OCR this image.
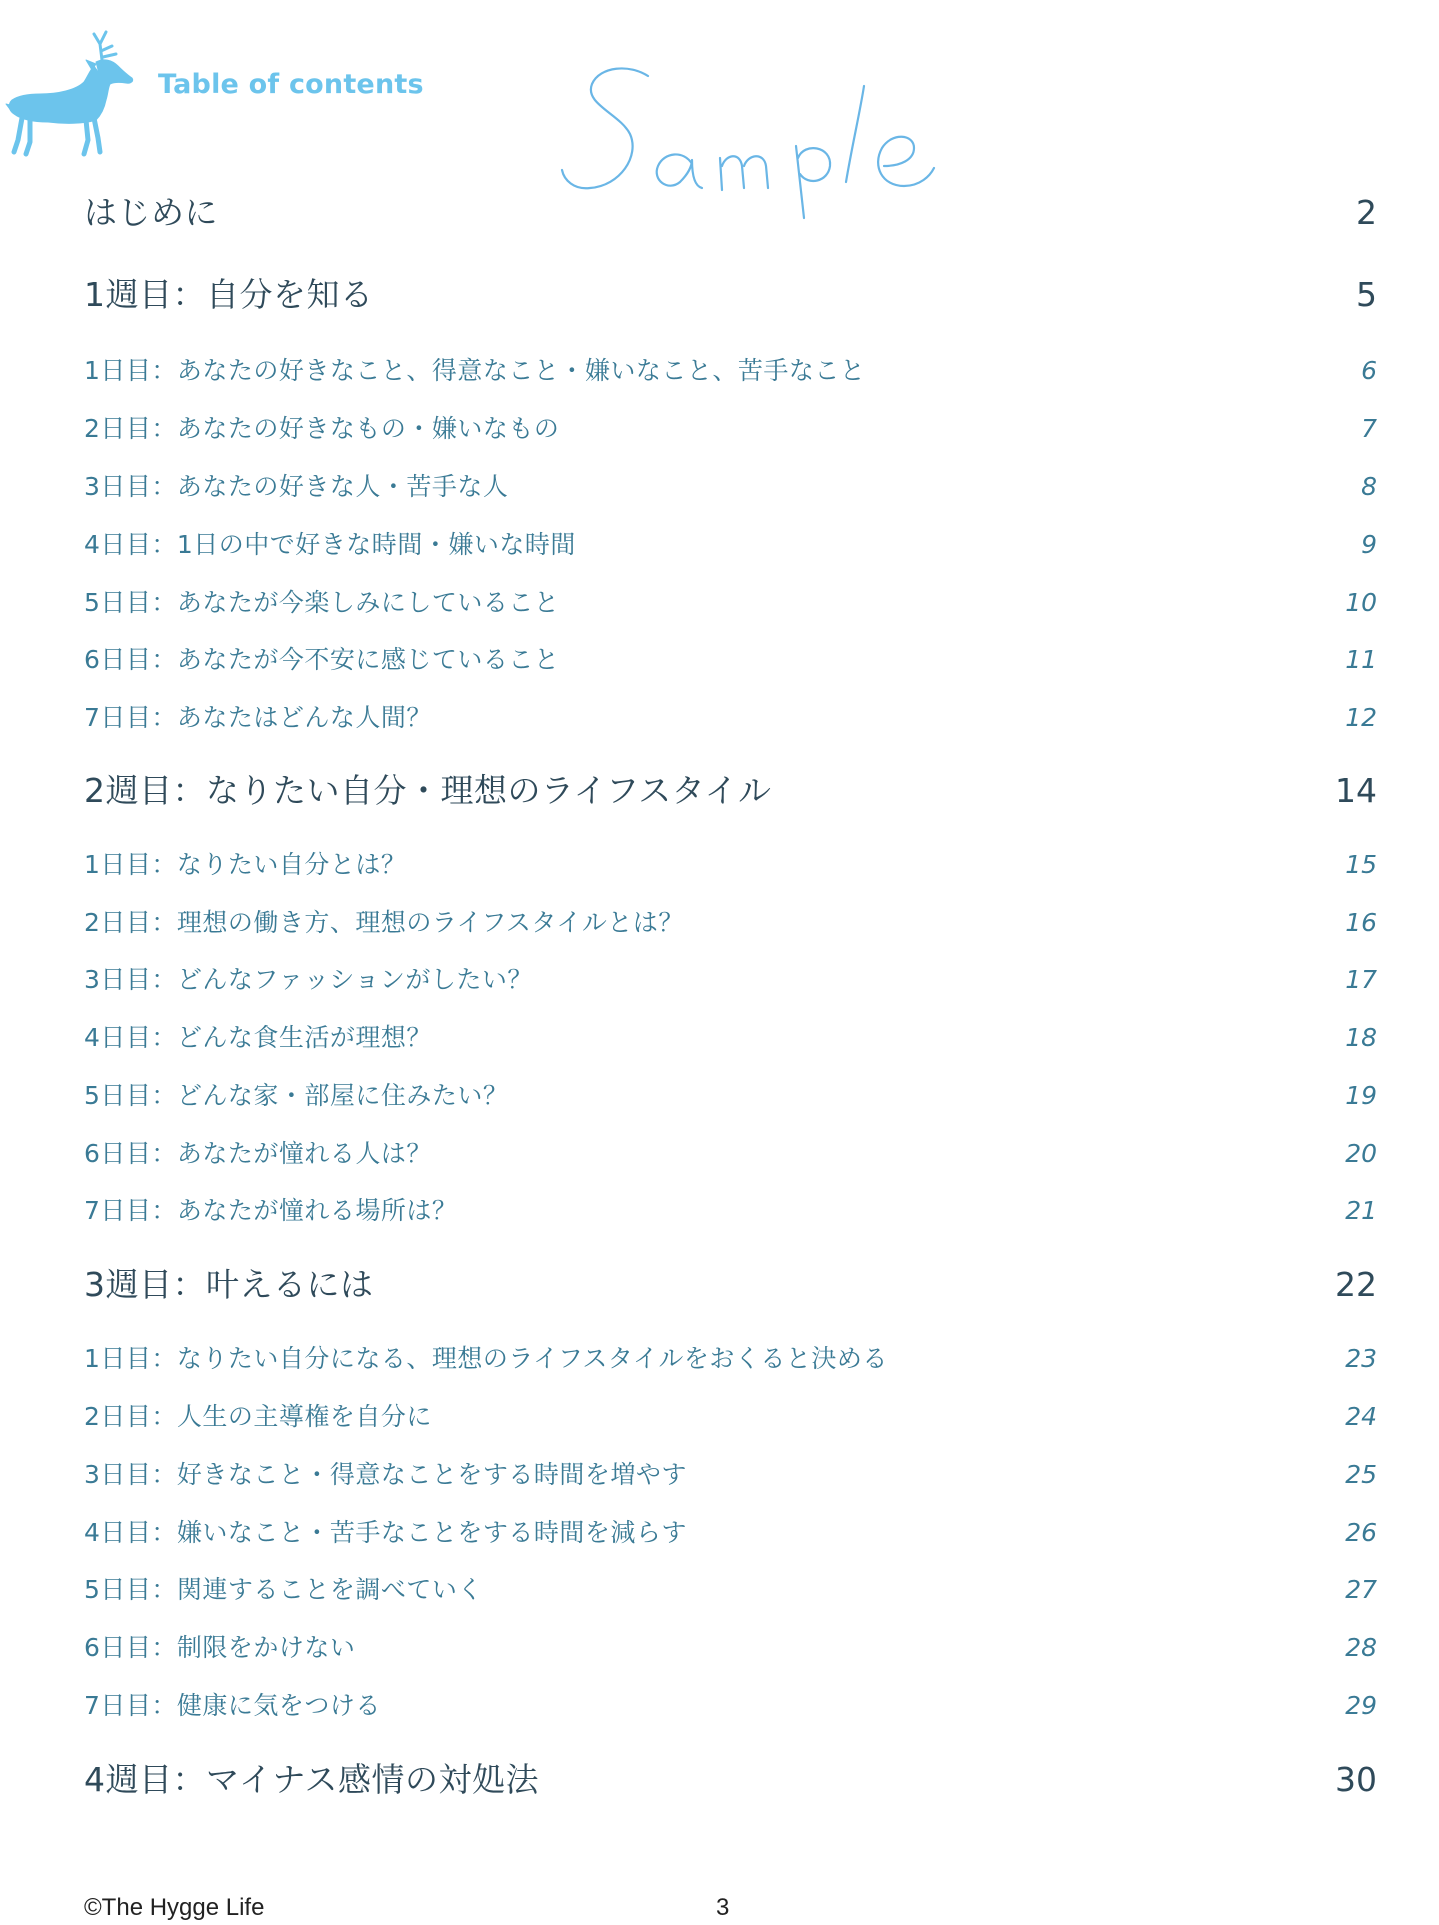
Table of contents
はじめに	2
1週目：自分を知る	5
1日目：あなたの好きなこと、得意なこと・嫌いなこと、苦手なこと	6
2日目：あなたの好きなもの・嫌いなもの	7
3日目：あなたの好きな人・苦手な人	8
4日目：1日の中で好きな時間・嫌いな時間	9
5日目：あなたが今楽しみにしていること	10
6日目：あなたが今不安に感じていること	11
7日目：あなたはどんな人間？	12
2週目：なりたい自分・理想のライフスタイル	14
1日目：なりたい自分とは？	15
2日目：理想の働き方、理想のライフスタイルとは？	16
3日目：どんなファッションがしたい？	17
4日目：どんな食生活が理想？	18
5日目：どんな家・部屋に住みたい？	19
6日目：あなたが憧れる人は？	20
7日目：あなたが憧れる場所は？	21
3週目：叶えるには	22
1日目：なりたい自分になる、理想のライフスタイルをおくると決める	23
2日目：人生の主導権を自分に	24
3日目：好きなこと・得意なことをする時間を増やす	25
4日目：嫌いなこと・苦手なことをする時間を減らす	26
5日目：関連することを調べていく	27
6日目：制限をかけない	28
7日目：健康に気をつける	29
4週目：マイナス感情の対処法	30
©The Hygge Life	3
